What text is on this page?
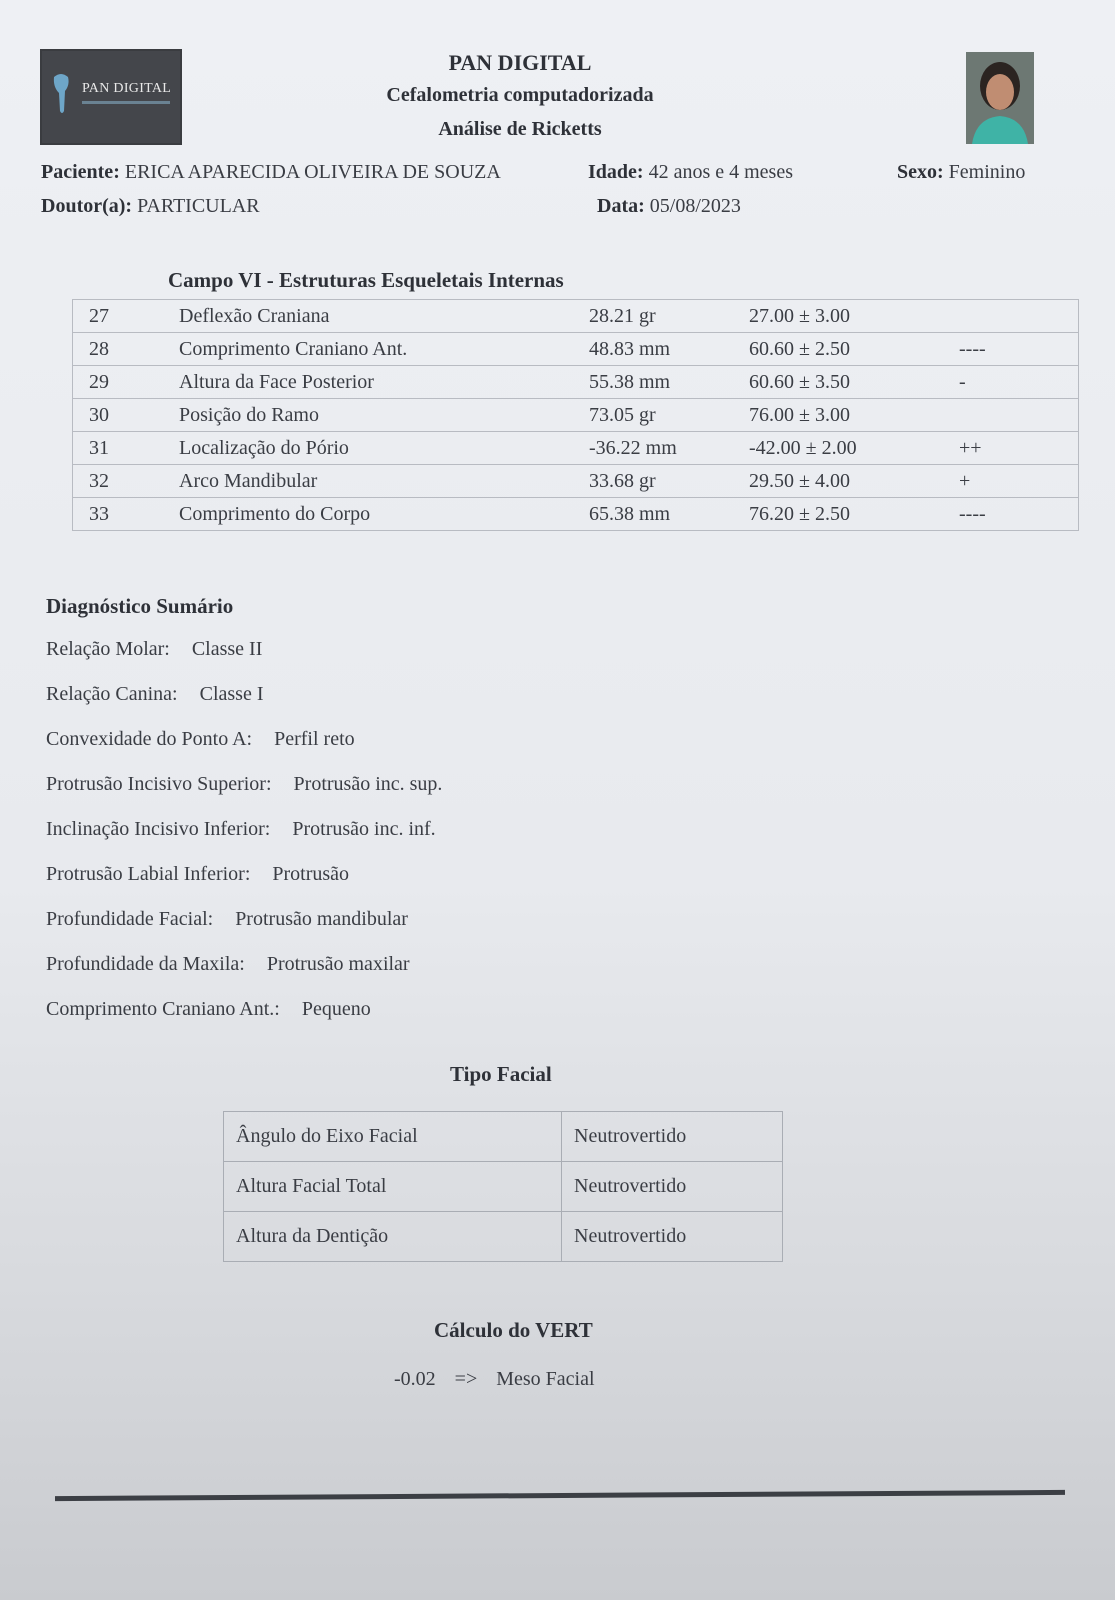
PAN DIGITAL
PAN DIGITAL
Cefalometria computadorizada
Análise de Ricketts
Paciente: ERICA APARECIDA OLIVEIRA DE SOUZA	Idade: 42 anos e 4 meses	Sexo: Feminino
Doutor(a): PARTICULAR	Data: 05/08/2023
Campo VI - Estruturas Esqueletais Internas
27	Deflexão Craniana	28.21 gr	27.00 ± 3.00	
28	Comprimento Craniano Ant.	48.83 mm	60.60 ± 2.50	----
29	Altura da Face Posterior	55.38 mm	60.60 ± 3.50	-
30	Posição do Ramo	73.05 gr	76.00 ± 3.00	
31	Localização do Pório	-36.22 mm	-42.00 ± 2.00	++
32	Arco Mandibular	33.68 gr	29.50 ± 4.00	+
33	Comprimento do Corpo	65.38 mm	76.20 ± 2.50	----
Diagnóstico Sumário
Relação Molar: Classe II
Relação Canina: Classe I
Convexidade do Ponto A: Perfil reto
Protrusão Incisivo Superior: Protrusão inc. sup.
Inclinação Incisivo Inferior: Protrusão inc. inf.
Protrusão Labial Inferior: Protrusão
Profundidade Facial: Protrusão mandibular
Profundidade da Maxila: Protrusão maxilar
Comprimento Craniano Ant.: Pequeno
Tipo Facial
Ângulo do Eixo Facial	Neutrovertido
Altura Facial Total	Neutrovertido
Altura da Dentição	Neutrovertido
Cálculo do VERT
-0.02 => Meso Facial
